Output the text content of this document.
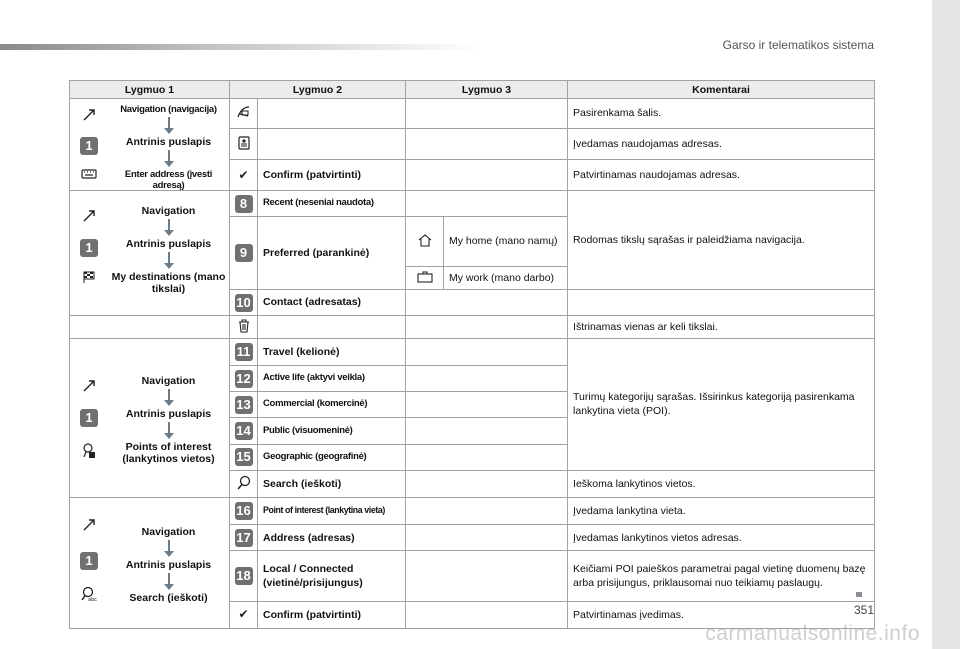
Garso ir telematikos sistema
351
carmanualsonline.info
Lygmuo 1	Lygmuo 2		Lygmuo 3		Komentarai

1
Navigation (navigacija)
Antrinis puslapis
Enter address (įvesti adresą)					Pasirenkama šalis.
			Įvedamas naudojamas adresas.
	✔	Confirm (patvirtinti)			Patvirtinamas naudojamas adresas.

1
Navigation
Antrinis puslapis
My destinations (mano tikslai)	8	Recent (neseniai naudota)			Rodomas tikslų sąrašas ir paleidžiama navigacija.
	9	Preferred (parankinė)		My home (mano namų)	
	My work (mano darbo)	
	10	Contact (adresatas)			
				Ištrinamas vienas ar keli tikslai.

1
Navigation
Antrinis puslapis
Points of interest (lankytinos vietos)	11	Travel (kelionė)			Turimų kategorijų sąrašas. Išsirinkus kategoriją pasirenkama lankytina vieta (POI).
	12	Active life (aktyvi veikla)			
	13	Commercial (komercinė)			
	14	Public (visuomeninė)			
	15	Geographic (geografinė)			
	Search (ieškoti)			Ieškoma lankytinos vietos.

1
abc
Navigation
Antrinis puslapis
Search (ieškoti)	16	Point of interest (lankytina vieta)			Įvedama lankytina vieta.
	17	Address (adresas)			Įvedamas lankytinos vietos adresas.
	18	Local / Connected (vietinė/prisijungus)			Keičiami POI paieškos parametrai pagal vietinę duomenų bazę arba prisijungus, priklausomai nuo teikiamų paslaugų.
	✔	Confirm (patvirtinti)			Patvirtinamas įvedimas.
